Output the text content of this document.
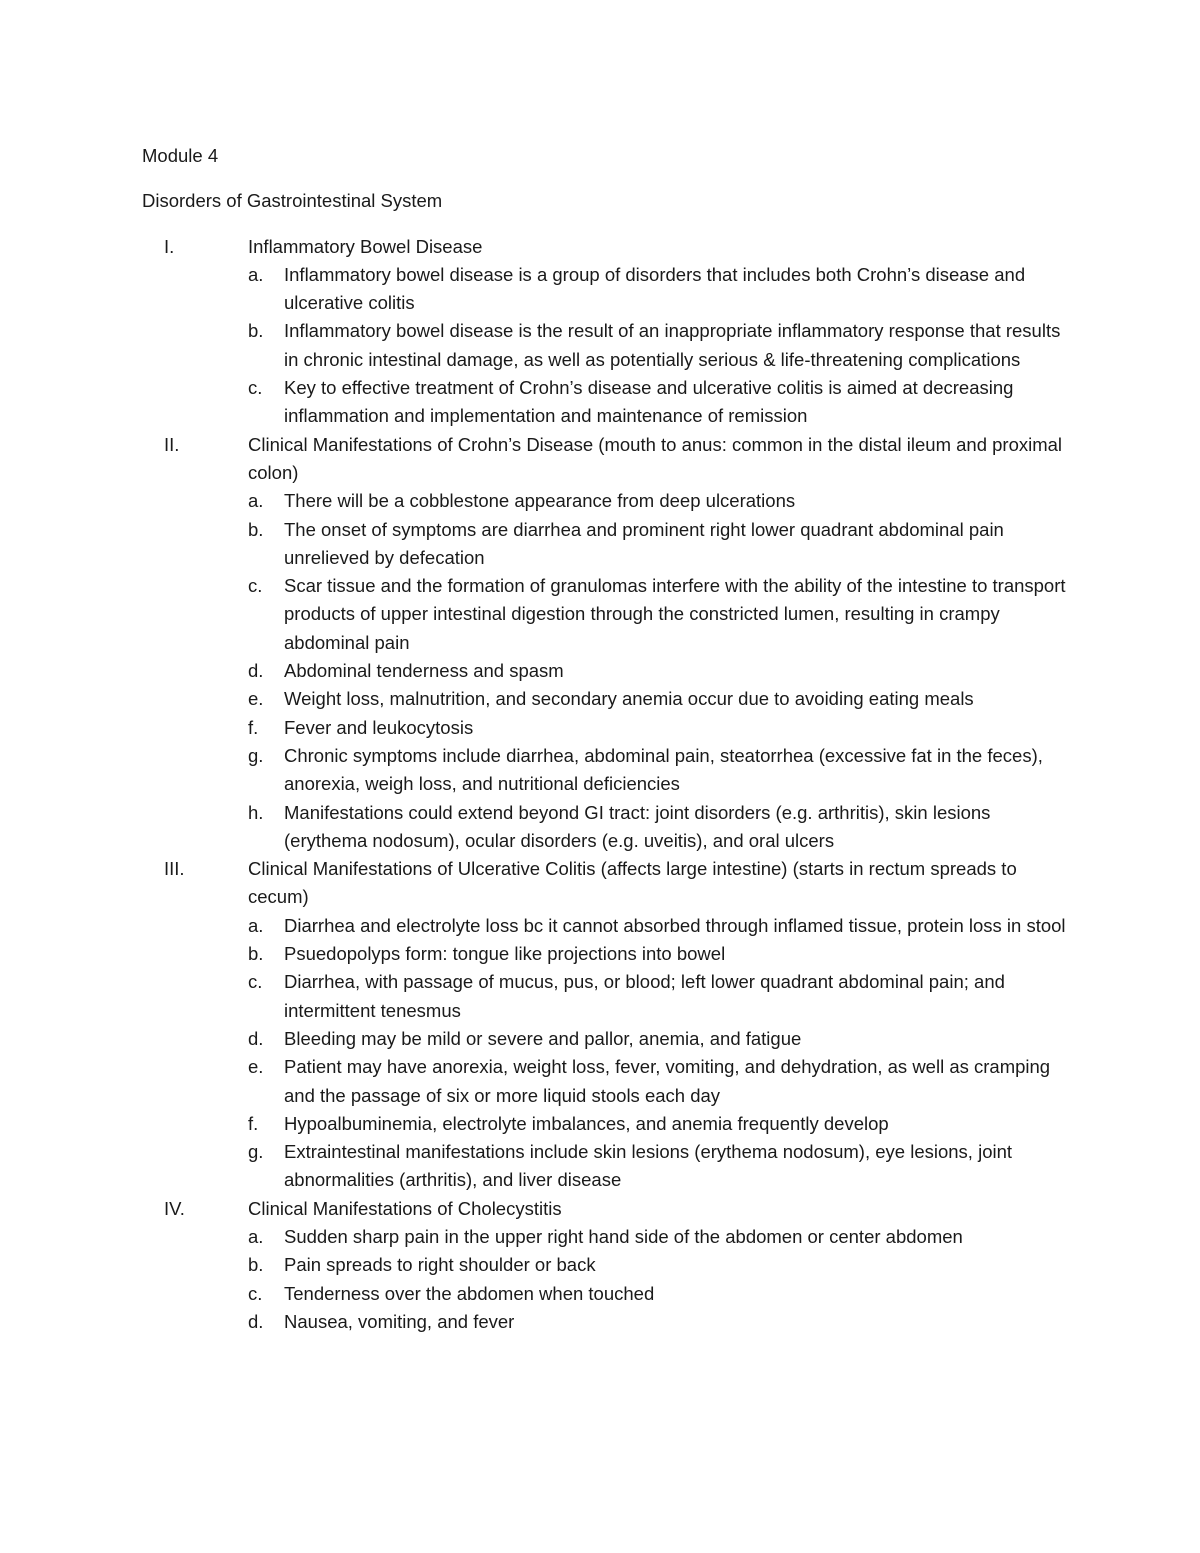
Module 4

Disorders of Gastrointestinal System

I.	Inflammatory Bowel Disease
a.	Inflammatory bowel disease is a group of disorders that includes both Crohn’s disease and ulcerative colitis
b.	Inflammatory bowel disease is the result of an inappropriate inflammatory response that results in chronic intestinal damage, as well as potentially serious & life-threatening complications
c.	Key to effective treatment of Crohn’s disease and ulcerative colitis is aimed at decreasing inflammation and implementation and maintenance of remission
II.	Clinical Manifestations of Crohn’s Disease (mouth to anus: common in the distal ileum and proximal colon)
a.	There will be a cobblestone appearance from deep ulcerations
b.	The onset of symptoms are diarrhea and prominent right lower quadrant abdominal pain unrelieved by defecation
c.	Scar tissue and the formation of granulomas interfere with the ability of the intestine to transport products of upper intestinal digestion through the constricted lumen, resulting in crampy abdominal pain
d.	Abdominal tenderness and spasm
e.	Weight loss, malnutrition, and secondary anemia occur due to avoiding eating meals
f.	Fever and leukocytosis
g.	Chronic symptoms include diarrhea, abdominal pain, steatorrhea (excessive fat in the feces), anorexia, weigh loss, and nutritional deficiencies
h.	Manifestations could extend beyond GI tract: joint disorders (e.g. arthritis), skin lesions (erythema nodosum), ocular disorders (e.g. uveitis), and oral ulcers
III.	Clinical Manifestations of Ulcerative Colitis (affects large intestine) (starts in rectum spreads to cecum)
a.	Diarrhea and electrolyte loss bc it cannot absorbed through inflamed tissue, protein loss in stool
b.	Psuedopolyps form: tongue like projections into bowel
c.	Diarrhea, with passage of mucus, pus, or blood; left lower quadrant abdominal pain; and intermittent tenesmus
d.	Bleeding may be mild or severe and pallor, anemia, and fatigue
e.	Patient may have anorexia, weight loss, fever, vomiting, and dehydration, as well as cramping and the passage of six or more liquid stools each day
f.	Hypoalbuminemia, electrolyte imbalances, and anemia frequently develop
g.	Extraintestinal manifestations include skin lesions (erythema nodosum), eye lesions, joint abnormalities (arthritis), and liver disease
IV.	Clinical Manifestations of Cholecystitis
a.	Sudden sharp pain in the upper right hand side of the abdomen or center abdomen
b.	Pain spreads to right shoulder or back
c.	Tenderness over the abdomen when touched
d.	Nausea, vomiting, and fever
